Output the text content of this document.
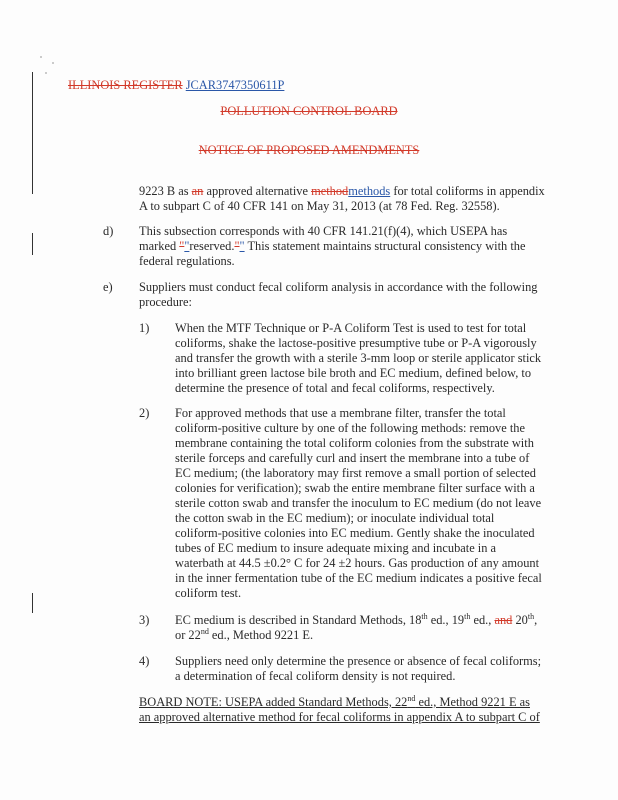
ILLINOIS REGISTER JCAR3747350611P
POLLUTION CONTROL BOARD
NOTICE OF PROPOSED AMENDMENTS
9223 B as an approved alternative methodmethods for total coliforms in appendix
A to subpart C of 40 CFR 141 on May 31, 2013 (at 78 Fed. Reg. 32558).
d) This subsection corresponds with 40 CFR 141.21(f)(4), which USEPA has
marked ""reserved."" This statement maintains structural consistency with the
federal regulations.
e) Suppliers must conduct fecal coliform analysis in accordance with the following
procedure:
1) When the MTF Technique or P-A Coliform Test is used to test for total
coliforms, shake the lactose-positive presumptive tube or P-A vigorously
and transfer the growth with a sterile 3-mm loop or sterile applicator stick
into brilliant green lactose bile broth and EC medium, defined below, to
determine the presence of total and fecal coliforms, respectively.
2) For approved methods that use a membrane filter, transfer the total
coliform-positive culture by one of the following methods: remove the
membrane containing the total coliform colonies from the substrate with
sterile forceps and carefully curl and insert the membrane into a tube of
EC medium; (the laboratory may first remove a small portion of selected
colonies for verification); swab the entire membrane filter surface with a
sterile cotton swab and transfer the inoculum to EC medium (do not leave
the cotton swab in the EC medium); or inoculate individual total
coliform-positive colonies into EC medium. Gently shake the inoculated
tubes of EC medium to insure adequate mixing and incubate in a
waterbath at 44.5 ±0.2° C for 24 ±2 hours. Gas production of any amount
in the inner fermentation tube of the EC medium indicates a positive fecal
coliform test.
3) EC medium is described in Standard Methods, 18th ed., 19th ed., and 20th,
or 22nd ed., Method 9221 E.
4) Suppliers need only determine the presence or absence of fecal coliforms;
a determination of fecal coliform density is not required.
BOARD NOTE: USEPA added Standard Methods, 22nd ed., Method 9221 E as
an approved alternative method for fecal coliforms in appendix A to subpart C of
